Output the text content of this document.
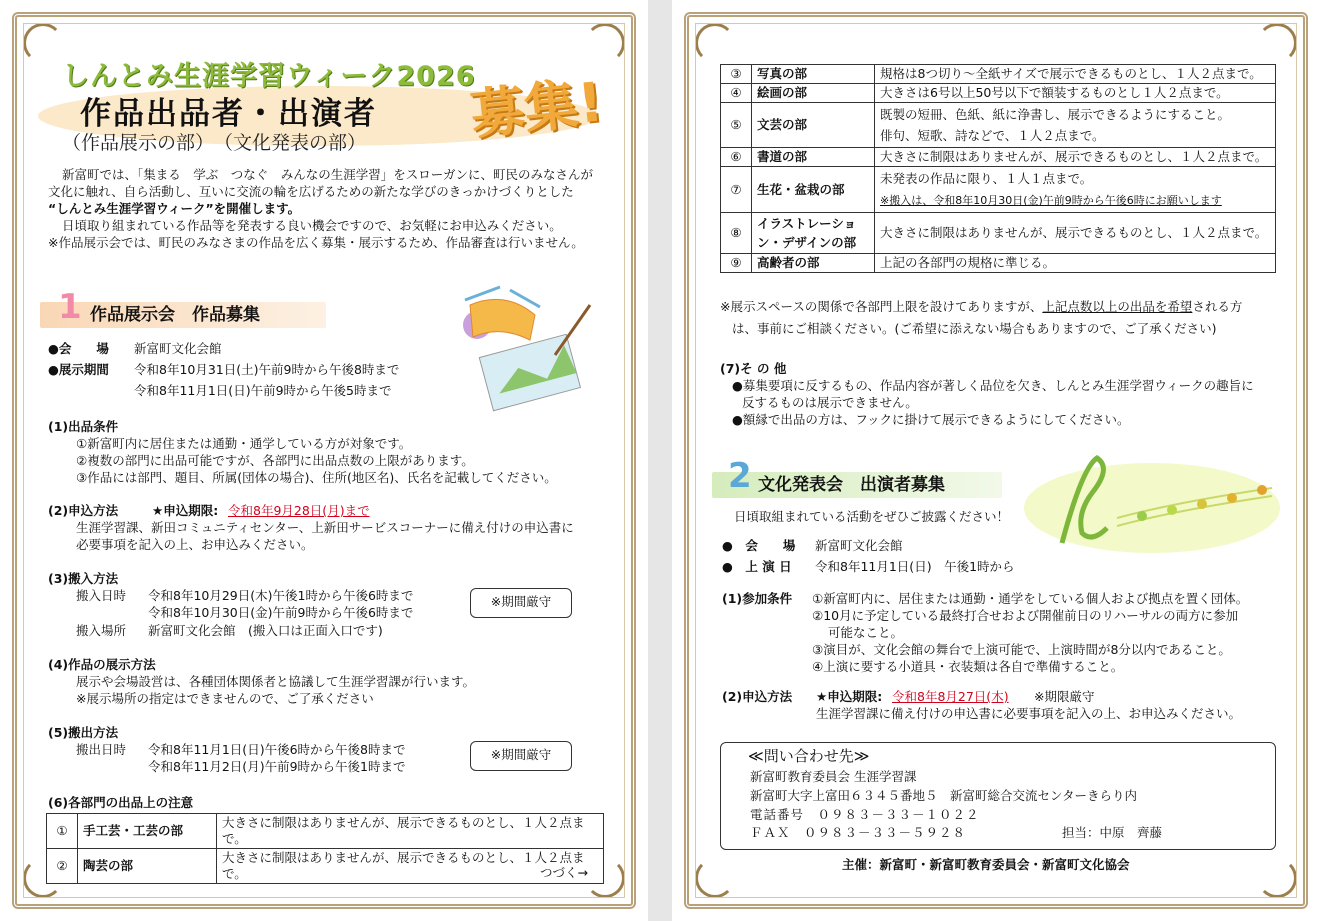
しんとみ生涯学習ウィーク2026
作品出品者・出演者
（作品展示の部）　（文化発表の部） 募集!
新富町では、「集まる　学ぶ　つなぐ　みんなの生涯学習」をスローガンに、町民のみなさんが
文化に触れ、自ら活動し、互いに交流の輪を広げるための新たな学びのきっかけづくりとした
“しんとみ生涯学習ウィーク”を開催します。
日頃取り組まれている作品等を発表する良い機会ですので、お気軽にお申込みください。
※作品展示会では、町民のみなさまの作品を広く募集・展示するため、作品審査は行いません。
1 作品展示会　作品募集
●会　　場 新富町文化会館
●展示期間 令和8年10月31日(土)午前9時から午後8時まで
令和8年11月1日(日)午前9時から午後5時まで
(1)出品条件
①新富町内に居住または通勤・通学している方が対象です。
②複数の部門に出品可能ですが、各部門に出品点数の上限があります。
③作品には部門、題目、所属(団体の場合)、住所(地区名)、氏名を記載してください。
(2)申込方法	★申込期限: 令和8年9月28日(月)まで
生涯学習課、新田コミュニティセンター、上新田サービスコーナーに備え付けの申込書に
必要事項を記入の上、お申込みください。
(3)搬入方法
搬入日時 令和8年10月29日(木)午後1時から午後6時まで
令和8年10月30日(金)午前9時から午後6時まで
搬入場所 新富町文化会館　(搬入口は正面入口です)
※期間厳守
(4)作品の展示方法
展示や会場設営は、各種団体関係者と協議して生涯学習課が行います。
※展示場所の指定はできませんので、ご了承ください
(5)搬出方法
搬出日時 令和8年11月1日(日)午後6時から午後8時まで
令和8年11月2日(月)午前9時から午後1時まで
※期間厳守
(6)各部門の出品上の注意
①	手工芸・工芸の部	大きさに制限はありませんが、展示できるものとし、１人２点まで。
②	陶芸の部	大きさに制限はありませんが、展示できるものとし、１人２点まで。	つづく→
③	写真の部	規格は8つ切り～全紙サイズで展示できるものとし、１人２点まで。
④	絵画の部	大きさは6号以上50号以下で額装するものとし１人２点まで。
⑤	文芸の部	既製の短冊、色紙、紙に浄書し、展示できるようにすること。
俳句、短歌、詩などで、１人２点まで。
⑥	書道の部	大きさに制限はありませんが、展示できるものとし、１人２点まで。
⑦	生花・盆栽の部	未発表の作品に限り、１人１点まで。
※搬入は、令和8年10月30日(金)午前9時から午後6時にお願いします
⑧	イラストレーション・デザインの部	大きさに制限はありませんが、展示できるものとし、１人２点まで。
⑨	高齢者の部	上記の各部門の規格に準じる。
※展示スペースの関係で各部門上限を設けてありますが、上記点数以上の出品を希望される方
は、事前にご相談ください。(ご希望に添えない場合もありますので、ご了承ください)
(7)そ の 他
●募集要項に反するもの、作品内容が著しく品位を欠き、しんとみ生涯学習ウィークの趣旨に
反するものは展示できません。
●額縁で出品の方は、フックに掛けて展示できるようにしてください。
2 文化発表会　出演者募集
日頃取組まれている活動をぜひご披露ください！
●　会　　場 新富町文化会館
●　上 演 日 令和8年11月1日(日)　午後1時から
(1)参加条件 ①新富町内に、居住または通勤・通学をしている個人および拠点を置く団体。
②10月に予定している最終打合せおよび開催前日のリハーサルの両方に参加
可能なこと。
③演目が、文化会館の舞台で上演可能で、上演時間が8分以内であること。
④上演に要する小道具・衣装類は各自で準備すること。
(2)申込方法 ★申込期限: 令和8年8月27日(木) ※期限厳守
生涯学習課に備え付けの申込書に必要事項を記入の上、お申込みください。
≪問い合わせ先≫
新富町教育委員会 生涯学習課
新富町大字上富田６３４５番地５　新富町総合交流センターきらり内
電話番号　０９８３－３３－１０２２
ＦＡＸ　０９８３－３３－５９２８	担当：中原　齊藤
主催：新富町・新富町教育委員会・新富町文化協会
